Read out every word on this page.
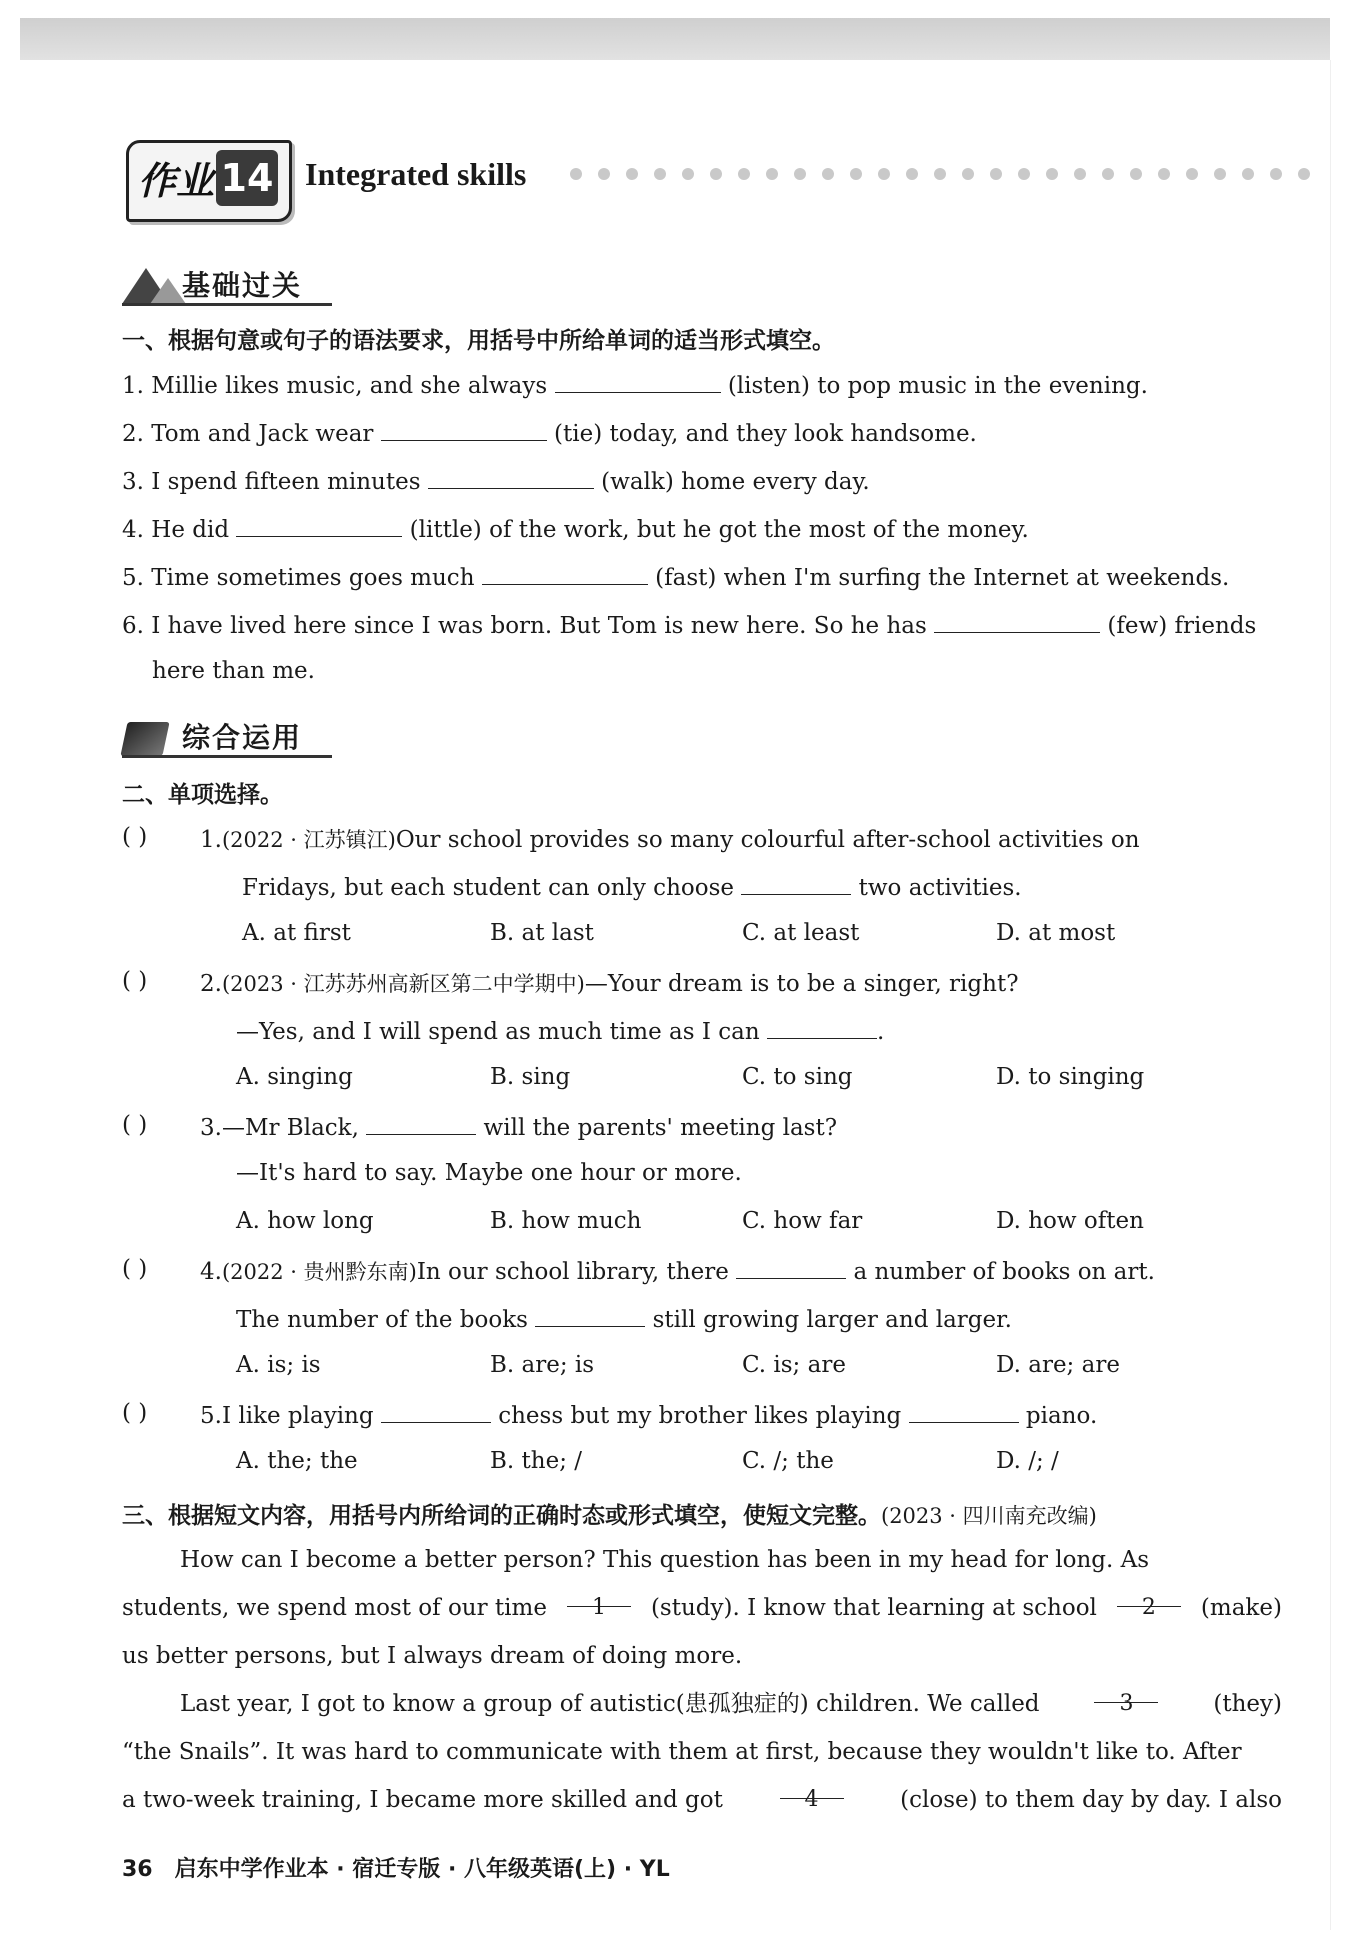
作业 14 Integrated skills
基础过关
一、根据句意或句子的语法要求，用括号中所给单词的适当形式填空。
1. Millie likes music, and she always	(listen) to pop music in the evening.
2. Tom and Jack wear	(tie) today, and they look handsome.
3. I spend fifteen minutes	(walk) home every day.
4. He did	(little) of the work, but he got the most of the money.
5. Time sometimes goes much	(fast) when I'm surfing the Internet at weekends.
6. I have lived here since I was born. But Tom is new here. So he has	(few) friends
here than me.
综合运用
二、单项选择。
( ) 1.(2022 · 江苏镇江)Our school provides so many colourful after-school activities on
Fridays, but each student can only choose	two activities.
A. at first	B. at last	C. at least	D. at most
( ) 2.(2023 · 江苏苏州高新区第二中学期中)—Your dream is to be a singer, right?
—Yes, and I will spend as much time as I can	.
A. singing	B. sing	C. to sing	D. to singing
( ) 3.—Mr Black,	will the parents' meeting last?
—It's hard to say. Maybe one hour or more.
A. how long	B. how much	C. how far	D. how often
( ) 4.(2022 · 贵州黔东南)In our school library, there	a number of books on art.
The number of the books	still growing larger and larger.
A. is; is	B. are; is	C. is; are	D. are; are
( ) 5.I like playing	chess but my brother likes playing	piano.
A. the; the	B. the; /	C. /; the	D. /; /
三、根据短文内容，用括号内所给词的正确时态或形式填空，使短文完整。(2023 · 四川南充改编)
How can I become a better person? This question has been in my head for long. As
students, we spend most of our time	1	(study). I know that learning at school	2	(make)
us better persons, but I always dream of doing more.
Last year, I got to know a group of autistic(患孤独症的) children. We called	3	(they)
“the Snails”. It was hard to communicate with them at first, because they wouldn't like to. After
a two-week training, I became more skilled and got	4	(close) to them day by day. I also
36 启东中学作业本 · 宿迁专版 · 八年级英语(上) · YL
